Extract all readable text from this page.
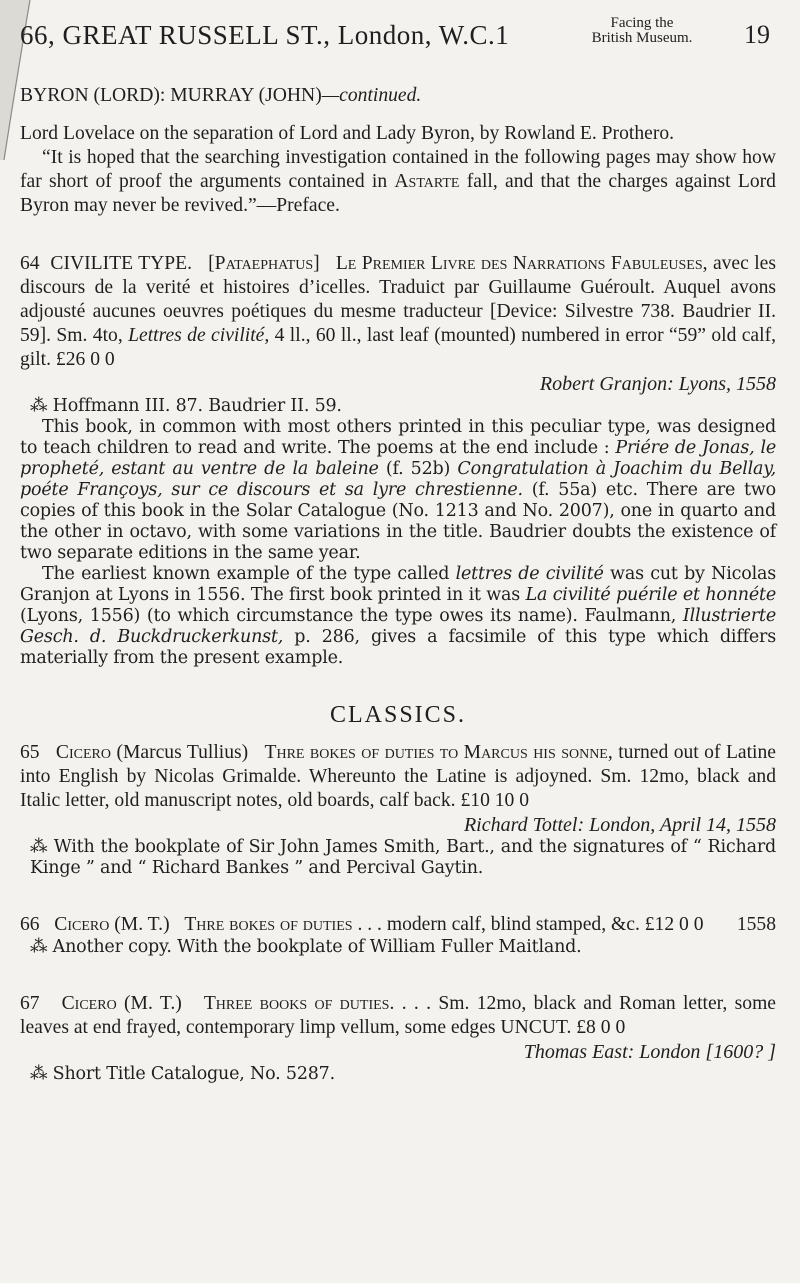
66, GREAT RUSSELL ST., London, W.C.1	Facing the
British Museum.	19

BYRON (LORD): MURRAY (JOHN)—continued.

Lord Lovelace on the separation of Lord and Lady Byron, by Rowland E. Prothero.

“It is hoped that the searching investigation contained in the following pages may show how far short of proof the arguments contained in Astarte fall, and that the charges against Lord Byron may never be revived.”—Preface.

64 CIVILITE TYPE. [Pataephatus] Le Premier Livre des Narrations Fabuleuses, avec les discours de la verité et histoires d’icelles. Traduict par Guillaume Guéroult. Auquel avons adjousté aucunes oeuvres poétiques du mesme traducteur [Device: Silvestre 738. Baudrier II. 59]. Sm. 4to, Lettres de civilité, 4 ll., 60 ll., last leaf (mounted) numbered in error “59” old calf, gilt. £26 0 0

Robert Granjon: Lyons, 1558

⁂ Hoffmann III. 87. Baudrier II. 59.

This book, in common with most others printed in this peculiar type, was designed to teach children to read and write. The poems at the end include : Priére de Jonas, le propheté, estant au ventre de la baleine (f. 52b) Congratulation à Joachim du Bellay, poéte Françoys, sur ce discours et sa lyre chrestienne. (f. 55a) etc. There are two copies of this book in the Solar Catalogue (No. 1213 and No. 2007), one in quarto and the other in octavo, with some variations in the title. Baudrier doubts the existence of two separate editions in the same year.

The earliest known example of the type called lettres de civilité was cut by Nicolas Granjon at Lyons in 1556. The first book printed in it was La civilité puérile et honnéte (Lyons, 1556) (to which circumstance the type owes its name). Faulmann, Illustrierte Gesch. d. Buckdruckerkunst, p. 286, gives a facsimile of this type which differs materially from the present example.

CLASSICS.

65 Cicero (Marcus Tullius) Thre bokes of duties to Marcus his sonne, turned out of Latine into English by Nicolas Grimalde. Whereunto the Latine is adjoyned. Sm. 12mo, black and Italic letter, old manuscript notes, old boards, calf back. £10 10 0

Richard Tottel: London, April 14, 1558

⁂ With the bookplate of Sir John James Smith, Bart., and the signatures of “ Richard Kinge ” and “ Richard Bankes ” and Percival Gaytin.

66 Cicero (M. T.) Thre bokes of duties . . . modern calf, blind stamped, &c. £12 0 0 1558

⁂ Another copy. With the bookplate of William Fuller Maitland.

67 Cicero (M. T.) Three books of duties. . . . Sm. 12mo, black and Roman letter, some leaves at end frayed, contemporary limp vellum, some edges UNCUT. £8 0 0

Thomas East: London [1600? ]

⁂ Short Title Catalogue, No. 5287.
